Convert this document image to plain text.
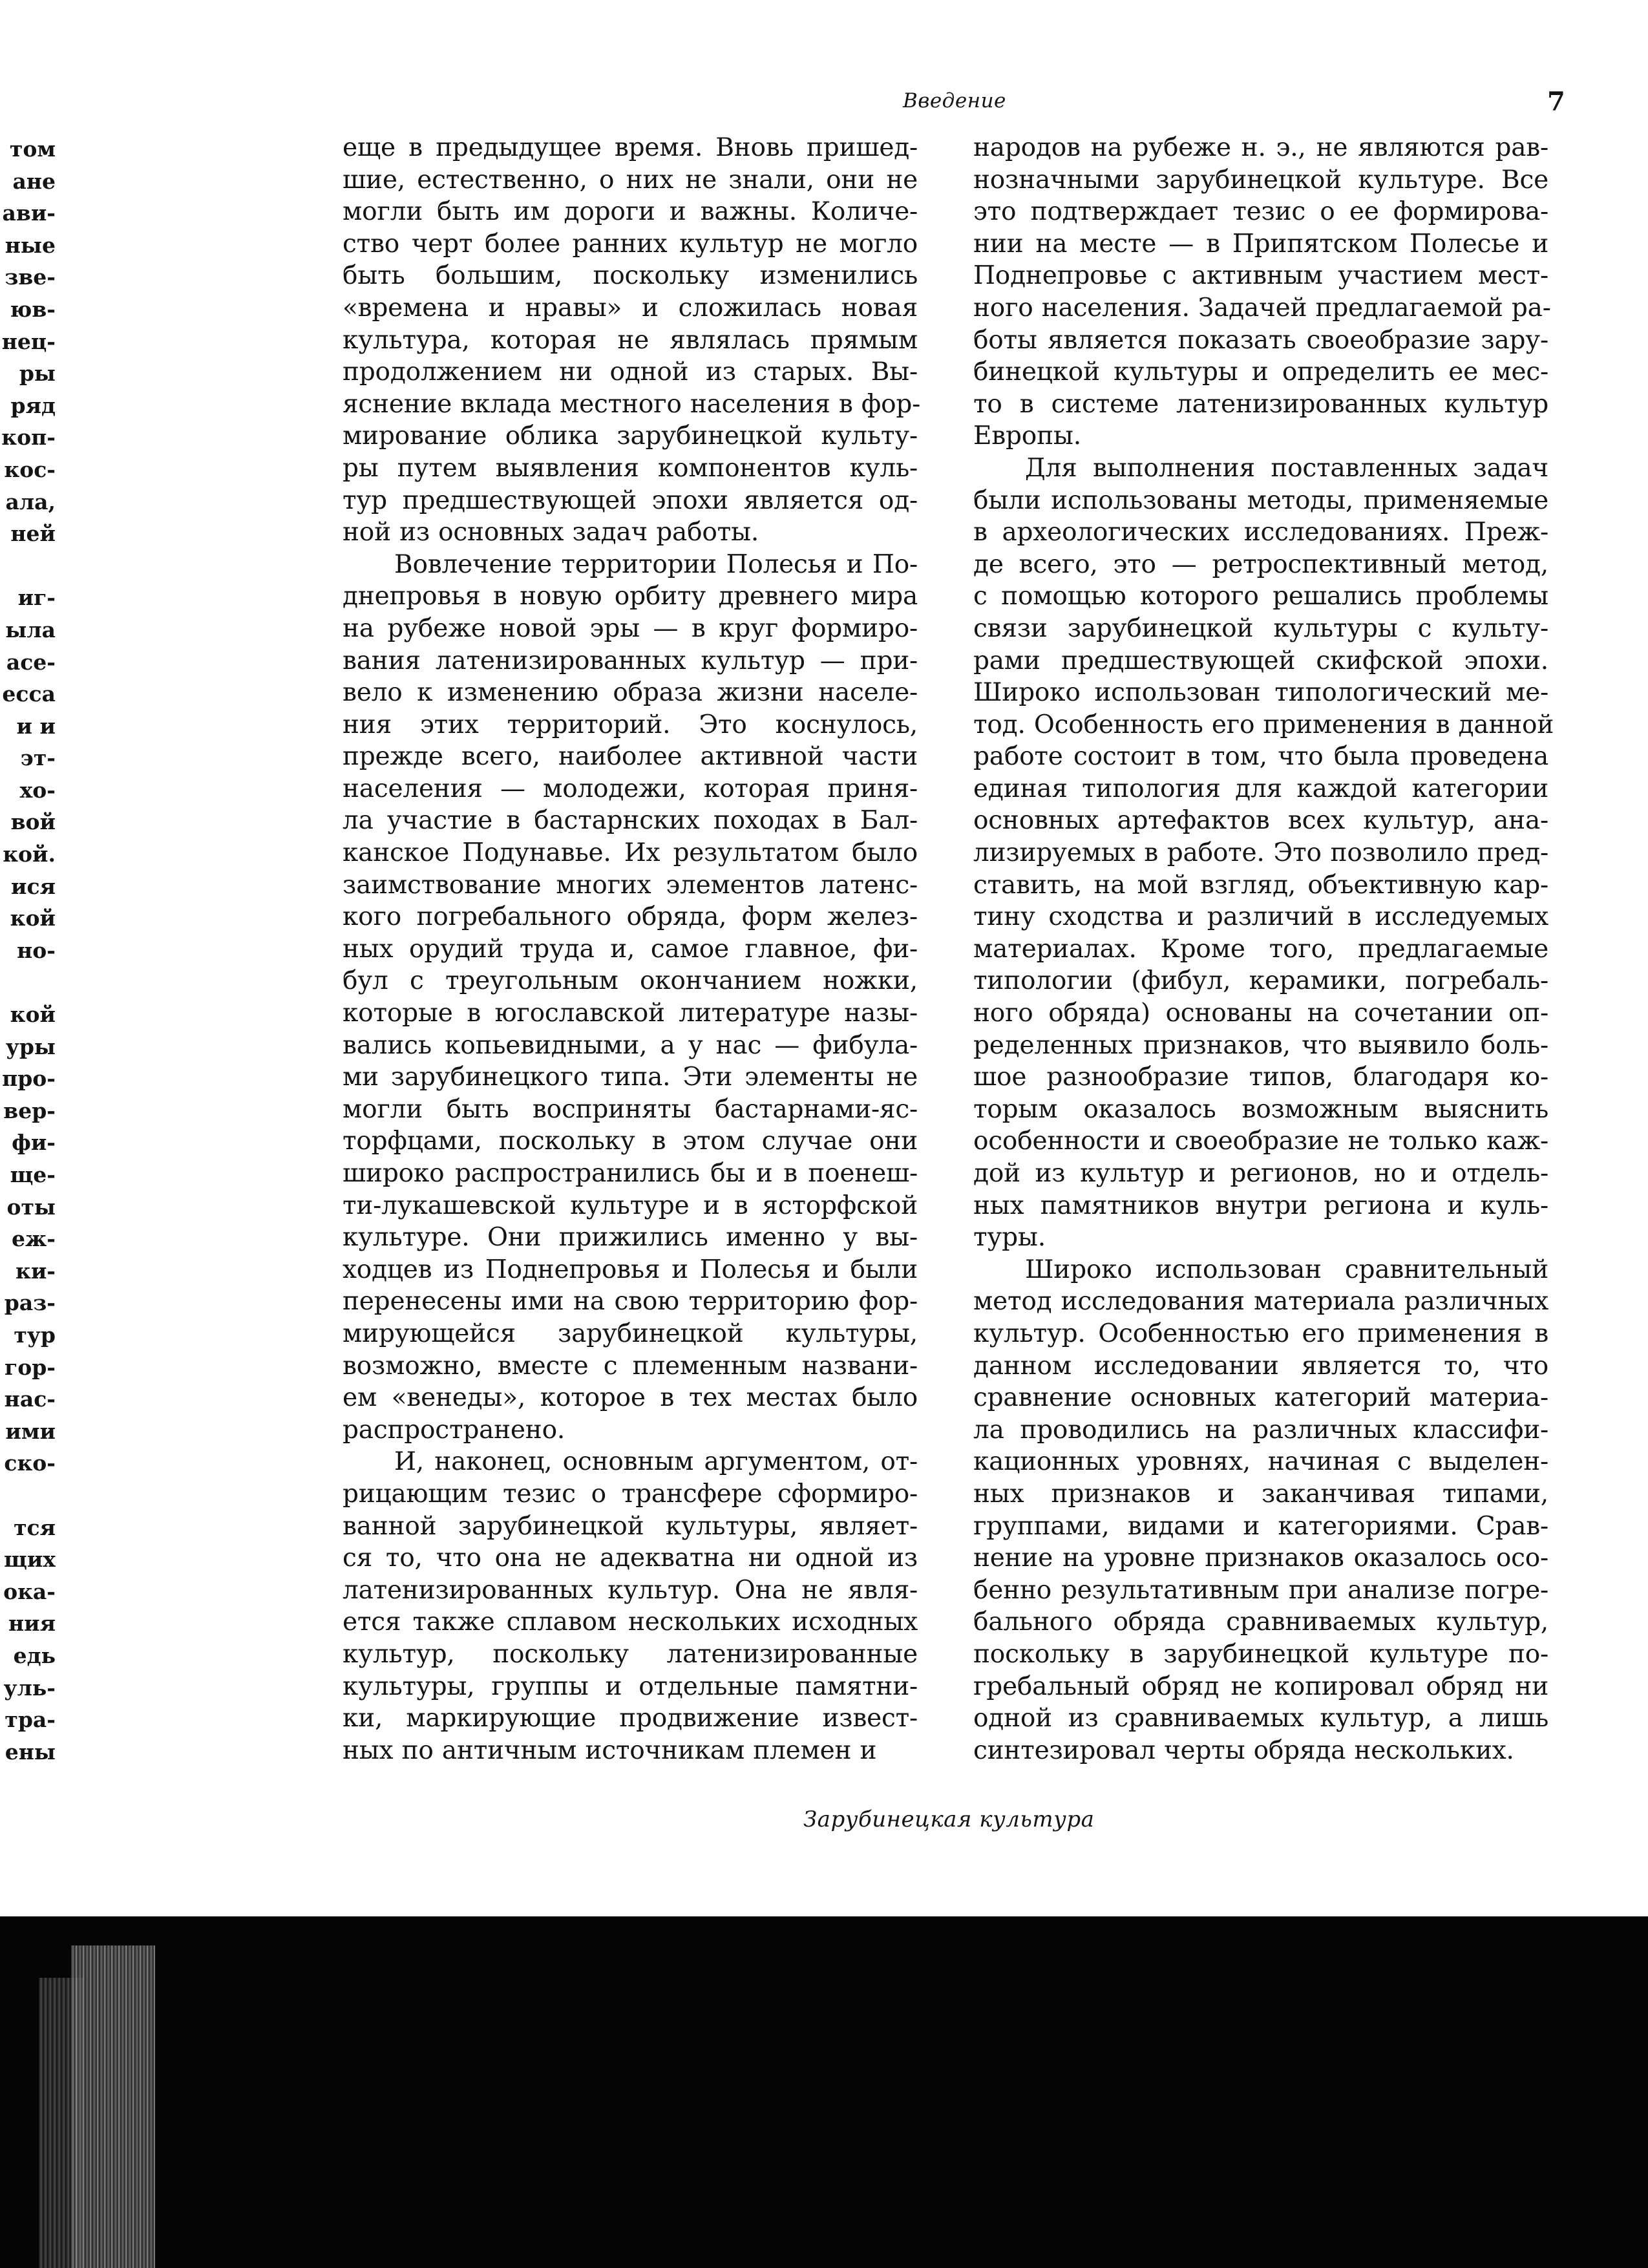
Введение	7
том
ане
ави-
ные
зве-
юв-
нец-
ры
ряд
коп-
кос-
ала,
ней

иг-
ыла
асе-
есса
и и
эт-
хо-
вой
кой.
ися
кой
но-

кой
уры
про-
вер-
фи-
ще-
оты
еж-
ки-
раз-
тур
гор-
нас-
ими
ско-

тся
щих
ока-
ния
едь
уль-
тра-
ены
еще в предыдущее время. Вновь пришед-
шие, естественно, о них не знали, они не
могли быть им дороги и важны. Количе-
ство черт более ранних культур не могло
быть большим, поскольку изменились
«времена и нравы» и сложилась новая
культура, которая не являлась прямым
продолжением ни одной из старых. Вы-
яснение вклада местного населения в фор-
мирование облика зарубинецкой культу-
ры путем выявления компонентов куль-
тур предшествующей эпохи является од-
ной из основных задач работы.
Вовлечение территории Полесья и По-
днепровья в новую орбиту древнего мира
на рубеже новой эры — в круг формиро-
вания латенизированных культур — при-
вело к изменению образа жизни населе-
ния этих территорий. Это коснулось,
прежде всего, наиболее активной части
населения — молодежи, которая приня-
ла участие в бастарнских походах в Бал-
канское Подунавье. Их результатом было
заимствование многих элементов латенс-
кого погребального обряда, форм желез-
ных орудий труда и, самое главное, фи-
бул с треугольным окончанием ножки,
которые в югославской литературе назы-
вались копьевидными, а у нас — фибула-
ми зарубинецкого типа. Эти элементы не
могли быть восприняты бастарнами-яс-
торфцами, поскольку в этом случае они
широко распространились бы и в поенеш-
ти-лукашевской культуре и в ясторфской
культуре. Они прижились именно у вы-
ходцев из Поднепровья и Полесья и были
перенесены ими на свою территорию фор-
мирующейся зарубинецкой культуры,
возможно, вместе с племенным названи-
ем «венеды», которое в тех местах было
распространено.
И, наконец, основным аргументом, от-
рицающим тезис о трансфере сформиро-
ванной зарубинецкой культуры, являет-
ся то, что она не адекватна ни одной из
латенизированных культур. Она не явля-
ется также сплавом нескольких исходных
культур, поскольку латенизированные
культуры, группы и отдельные памятни-
ки, маркирующие продвижение извест-
ных по античным источникам племен и
народов на рубеже н. э., не являются рав-
нозначными зарубинецкой культуре. Все
это подтверждает тезис о ее формирова-
нии на месте — в Припятском Полесье и
Поднепровье с активным участием мест-
ного населения. Задачей предлагаемой ра-
боты является показать своеобразие зару-
бинецкой культуры и определить ее мес-
то в системе латенизированных культур
Европы.
Для выполнения поставленных задач
были использованы методы, применяемые
в археологических исследованиях. Преж-
де всего, это — ретроспективный метод,
с помощью которого решались проблемы
связи зарубинецкой культуры с культу-
рами предшествующей скифской эпохи.
Широко использован типологический ме-
тод. Особенность его применения в данной
работе состоит в том, что была проведена
единая типология для каждой категории
основных артефактов всех культур, ана-
лизируемых в работе. Это позволило пред-
ставить, на мой взгляд, объективную кар-
тину сходства и различий в исследуемых
материалах. Кроме того, предлагаемые
типологии (фибул, керамики, погребаль-
ного обряда) основаны на сочетании оп-
ределенных признаков, что выявило боль-
шое разнообразие типов, благодаря ко-
торым оказалось возможным выяснить
особенности и своеобразие не только каж-
дой из культур и регионов, но и отдель-
ных памятников внутри региона и куль-
туры.
Широко использован сравнительный
метод исследования материала различных
культур. Особенностью его применения в
данном исследовании является то, что
сравнение основных категорий материа-
ла проводились на различных классифи-
кационных уровнях, начиная с выделен-
ных признаков и заканчивая типами,
группами, видами и категориями. Срав-
нение на уровне признаков оказалось осо-
бенно результативным при анализе погре-
бального обряда сравниваемых культур,
поскольку в зарубинецкой культуре по-
гребальный обряд не копировал обряд ни
одной из сравниваемых культур, а лишь
синтезировал черты обряда нескольких.
Зарубинецкая культура
